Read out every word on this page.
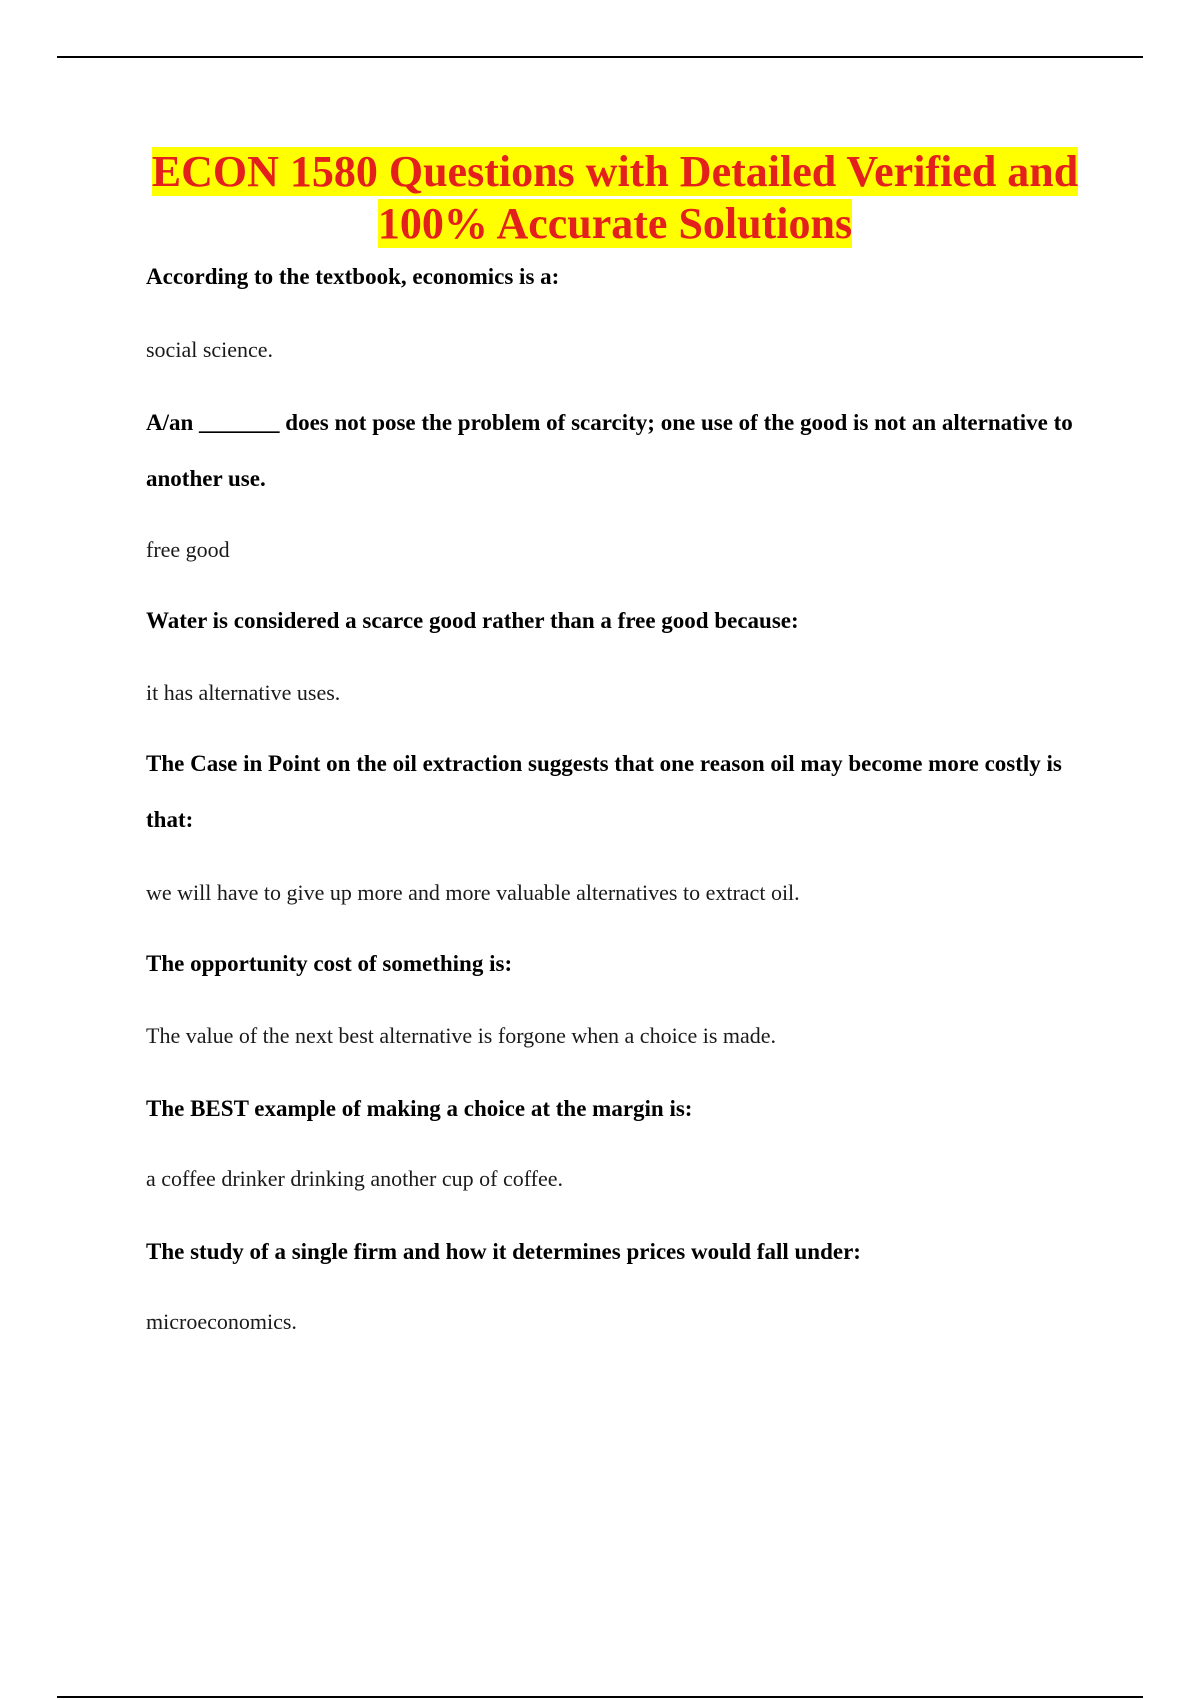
ECON 1580 Questions with Detailed Verified and 100% Accurate Solutions

According to the textbook, economics is a:

social science.

A/an _______ does not pose the problem of scarcity; one use of the good is not an alternative to another use.

free good

Water is considered a scarce good rather than a free good because:

it has alternative uses.

The Case in Point on the oil extraction suggests that one reason oil may become more costly is that:

we will have to give up more and more valuable alternatives to extract oil.

The opportunity cost of something is:

The value of the next best alternative is forgone when a choice is made.

The BEST example of making a choice at the margin is:

a coffee drinker drinking another cup of coffee.

The study of a single firm and how it determines prices would fall under:

microeconomics.
